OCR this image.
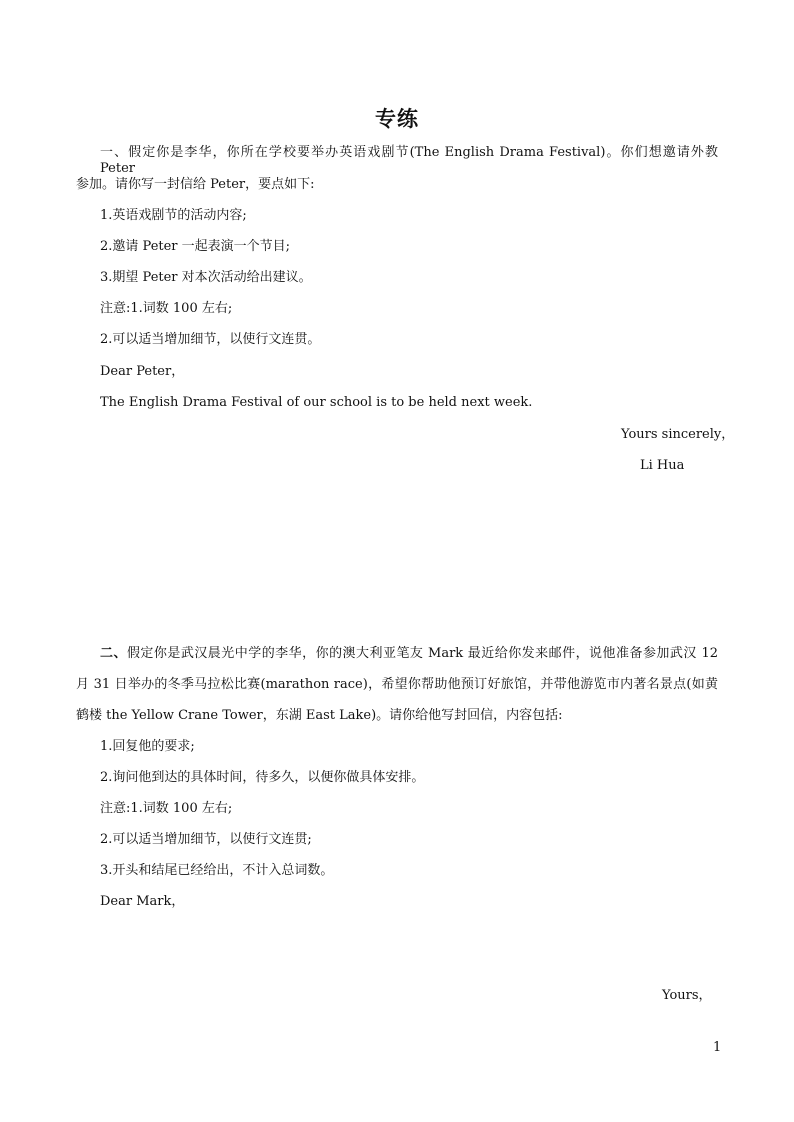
专练
一、假定你是李华，你所在学校要举办英语戏剧节(The English Drama Festival)。你们想邀请外教 Peter
参加。请你写一封信给 Peter，要点如下:
1.英语戏剧节的活动内容;
2.邀请 Peter 一起表演一个节目;
3.期望 Peter 对本次活动给出建议。
注意:1.词数 100 左右;
2.可以适当增加细节，以使行文连贯。
Dear Peter，
The English Drama Festival of our school is to be held next week.
Yours sincerely，
Li Hua
二、假定你是武汉晨光中学的李华，你的澳大利亚笔友 Mark 最近给你发来邮件，说他准备参加武汉 12
月 31 日举办的冬季马拉松比赛(marathon race)，希望你帮助他预订好旅馆，并带他游览市内著名景点(如黄
鹤楼 the Yellow Crane Tower，东湖 East Lake)。请你给他写封回信，内容包括:
1.回复他的要求;
2.询问他到达的具体时间，待多久，以便你做具体安排。
注意:1.词数 100 左右;
2.可以适当增加细节，以使行文连贯;
3.开头和结尾已经给出，不计入总词数。
Dear Mark，
Yours，
1
